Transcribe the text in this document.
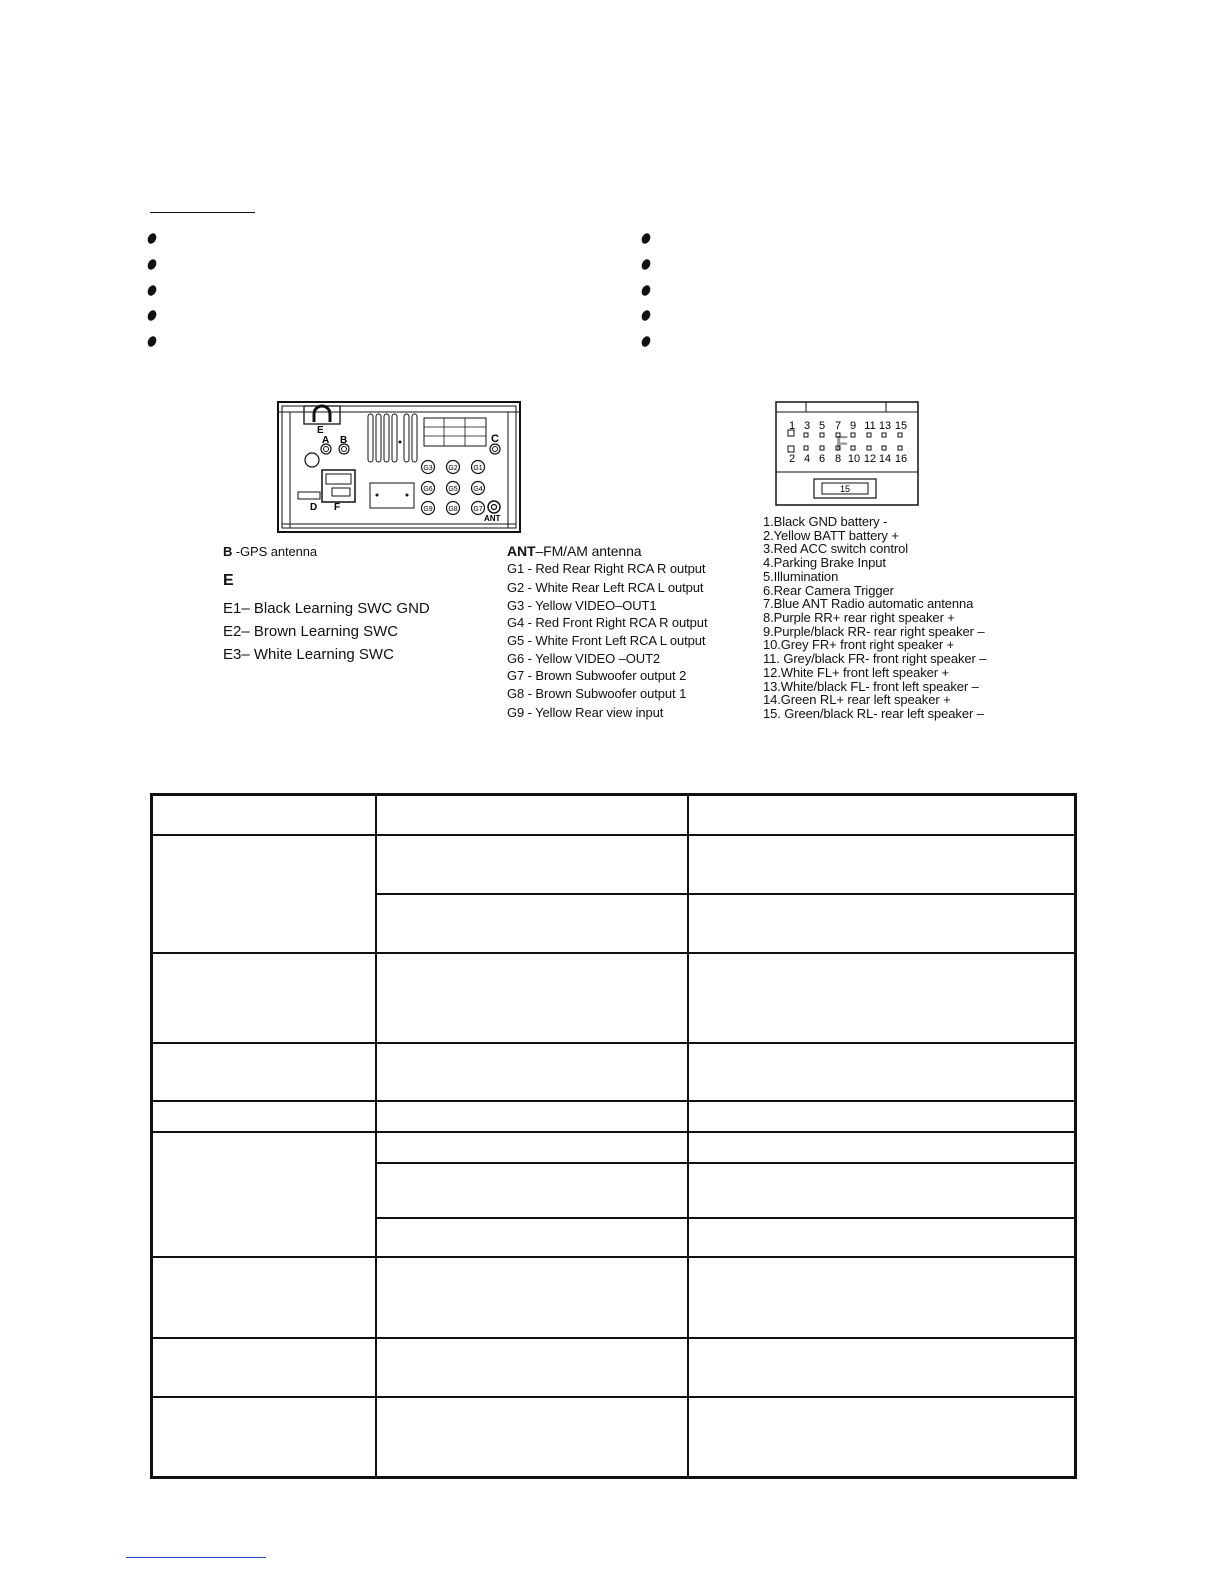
E
A B	C
D F
ANT
G3 G2 G1
G6 G5 G4
G9 G8 G7
B -GPS antenna
E
E1– Black Learning SWC GND
E2– Brown Learning SWC
E3– White Learning SWC
ANT–FM/AM antenna
G1 - Red Rear Right RCA R output
G2 - White Rear Left RCA L output
G3 - Yellow VIDEO–OUT1
G4 - Red Front Right RCA R output
G5 - White Front Left RCA L output
G6 - Yellow VIDEO –OUT2
G7 - Brown Subwoofer output 2
G8 - Brown Subwoofer output 1
G9 - Yellow Rear view input
15
F
1 3 5 7 9 11 13 15
2 4 6 8 10 12 14 16
1.Black GND battery -
2.Yellow BATT battery +
3.Red ACC switch control
4.Parking Brake Input
5.Illumination
6.Rear Camera Trigger
7.Blue ANT Radio automatic antenna
8.Purple RR+ rear right speaker +
9.Purple/black RR- rear right speaker –
10.Grey FR+ front right speaker +
11. Grey/black FR- front right speaker –
12.White FL+ front left speaker +
13.White/black FL- front left speaker –
14.Green RL+ rear left speaker +
15. Green/black RL- rear left speaker –
